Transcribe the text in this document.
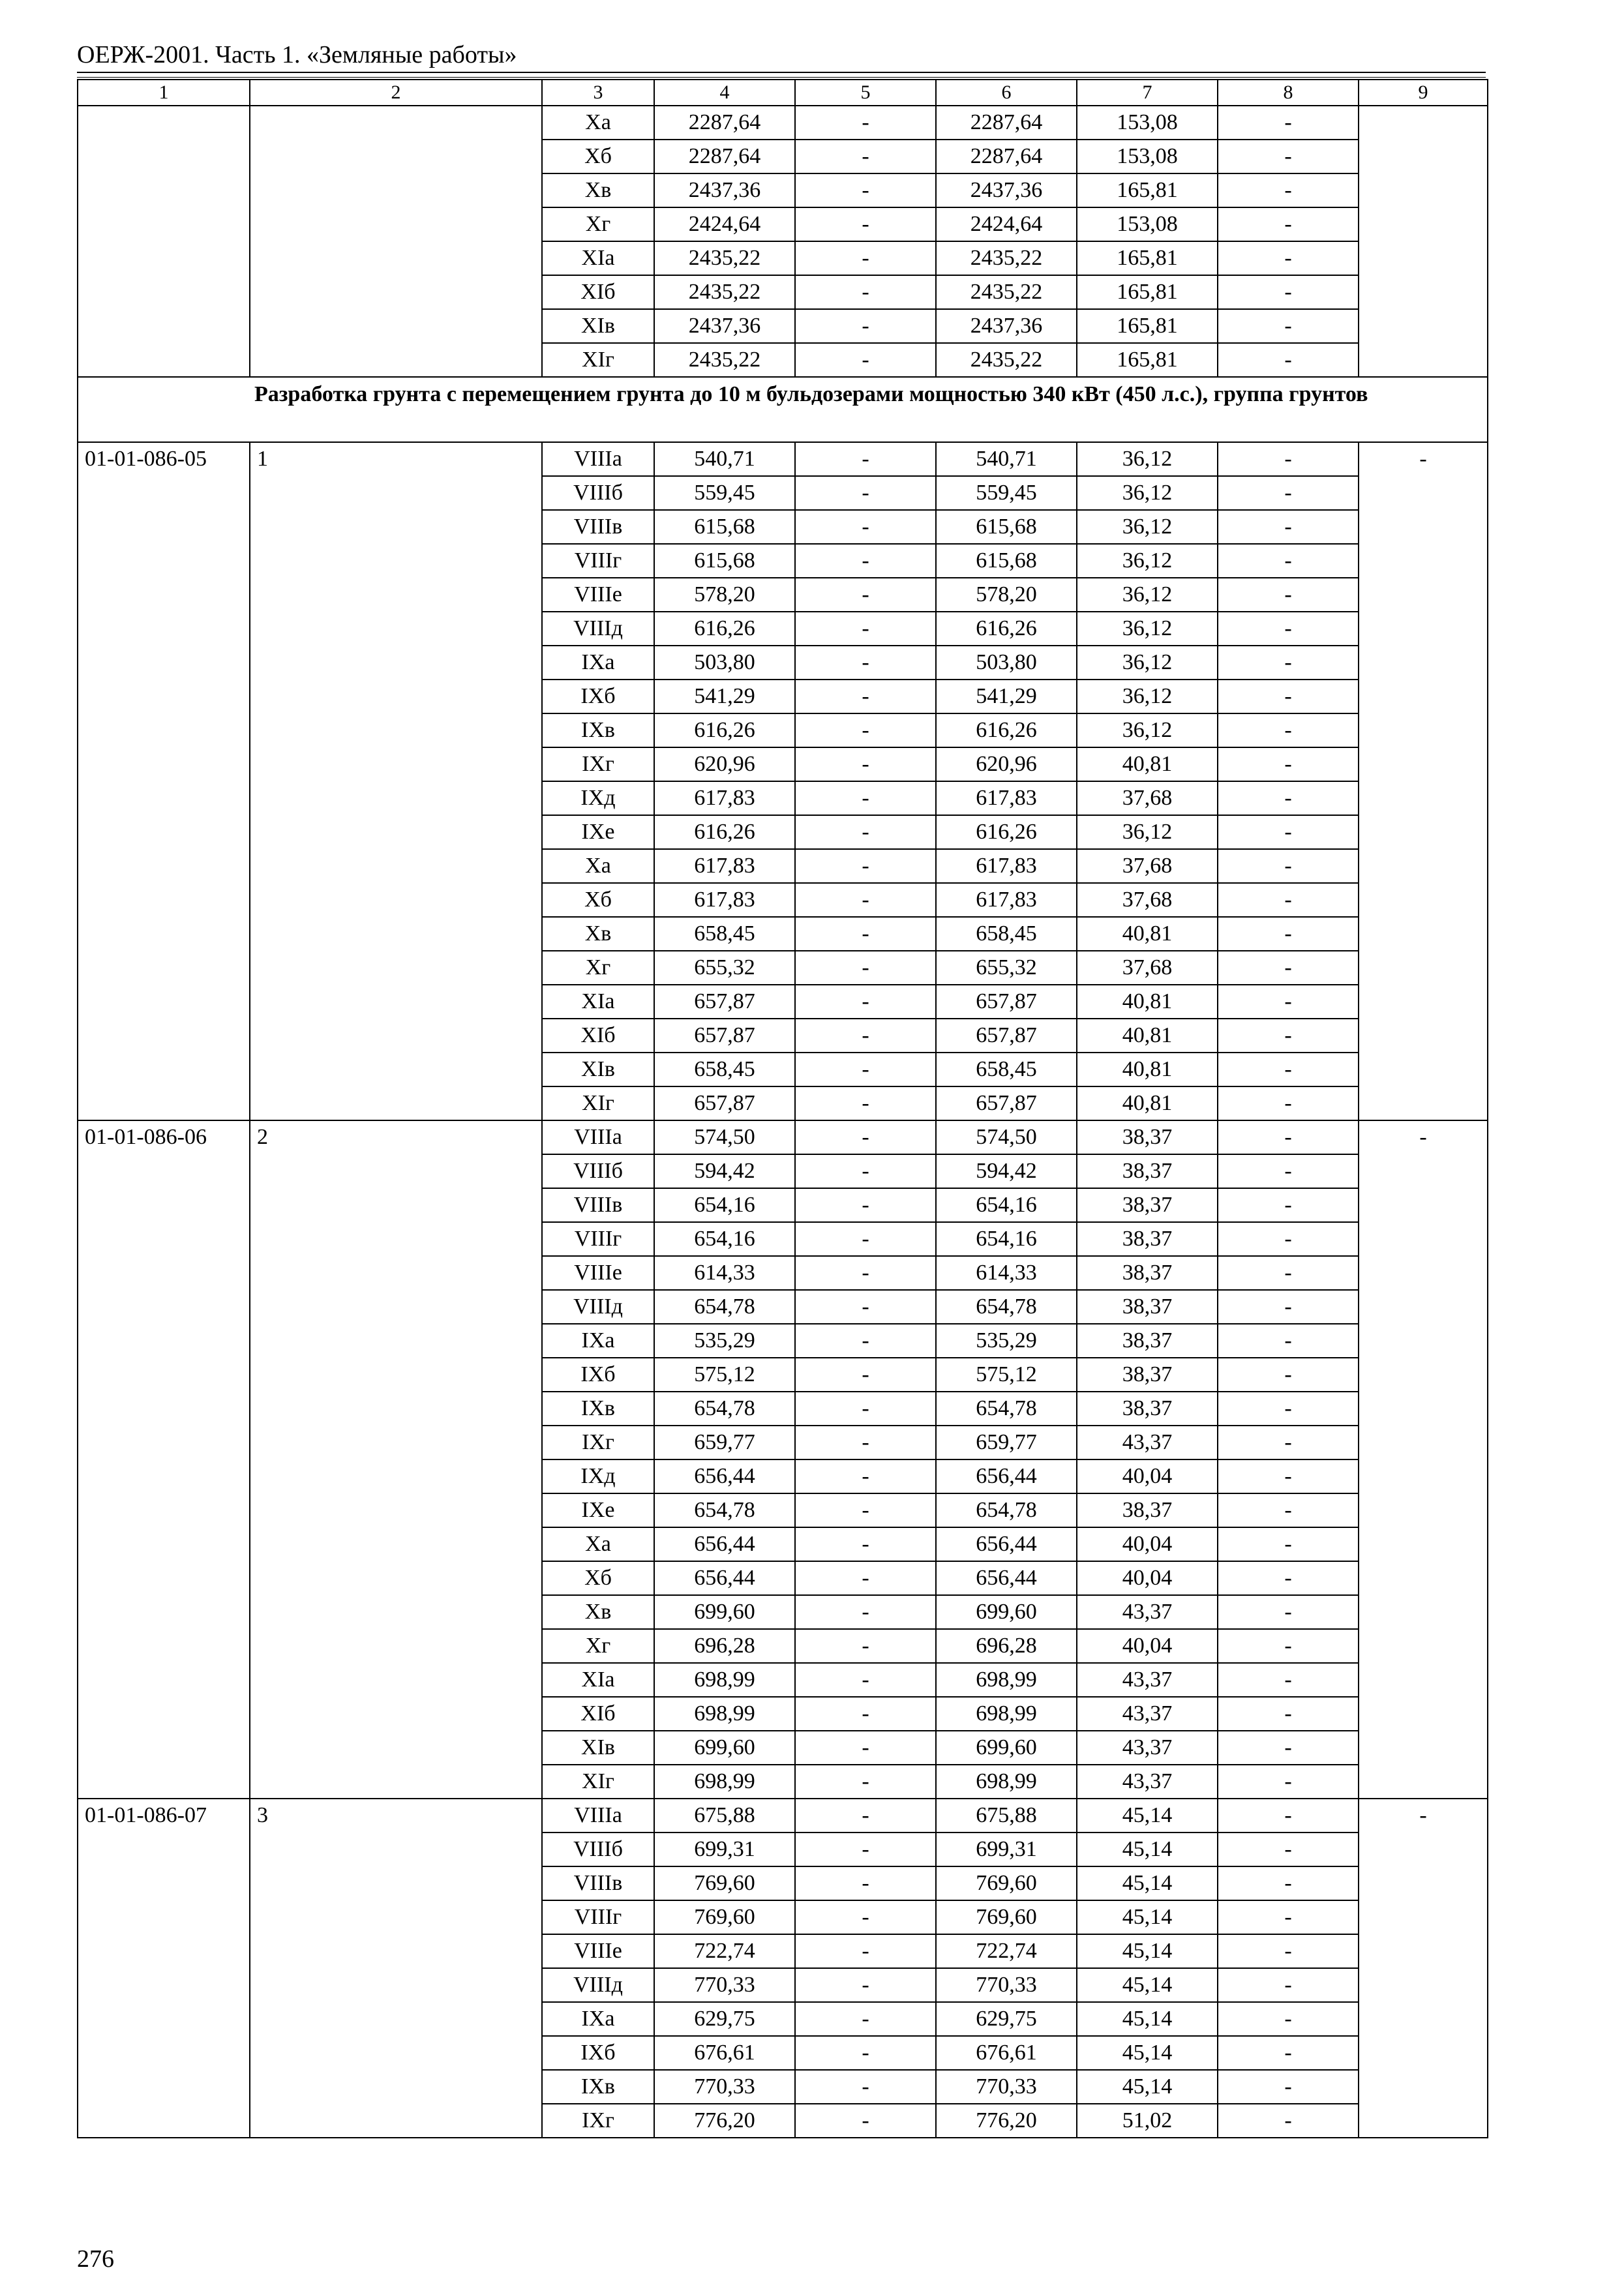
ОЕРЖ-2001. Часть 1. «Земляные работы»
1	2	3	4	5	6	7	8	9
		Xа	2287,64	-	2287,64	153,08	-	
		Xб	2287,64	-	2287,64	153,08	-	
		Xв	2437,36	-	2437,36	165,81	-	
		Xг	2424,64	-	2424,64	153,08	-	
		XIа	2435,22	-	2435,22	165,81	-	
		XIб	2435,22	-	2435,22	165,81	-	
		XIв	2437,36	-	2437,36	165,81	-	
		XIг	2435,22	-	2435,22	165,81	-	
Разработка грунта с перемещением грунта до 10 м бульдозерами мощностью 340 кВт (450 л.с.), группа грунтов								
01-01-086-05	1	VIIIа	540,71	-	540,71	36,12	-	-
		VIIIб	559,45	-	559,45	36,12	-	
		VIIIв	615,68	-	615,68	36,12	-	
		VIIIг	615,68	-	615,68	36,12	-	
		VIIIе	578,20	-	578,20	36,12	-	
		VIIIд	616,26	-	616,26	36,12	-	
		IXа	503,80	-	503,80	36,12	-	
		IXб	541,29	-	541,29	36,12	-	
		IXв	616,26	-	616,26	36,12	-	
		IXг	620,96	-	620,96	40,81	-	
		IXд	617,83	-	617,83	37,68	-	
		IXе	616,26	-	616,26	36,12	-	
		Xа	617,83	-	617,83	37,68	-	
		Xб	617,83	-	617,83	37,68	-	
		Xв	658,45	-	658,45	40,81	-	
		Xг	655,32	-	655,32	37,68	-	
		XIа	657,87	-	657,87	40,81	-	
		XIб	657,87	-	657,87	40,81	-	
		XIв	658,45	-	658,45	40,81	-	
		XIг	657,87	-	657,87	40,81	-	
01-01-086-06	2	VIIIа	574,50	-	574,50	38,37	-	-
		VIIIб	594,42	-	594,42	38,37	-	
		VIIIв	654,16	-	654,16	38,37	-	
		VIIIг	654,16	-	654,16	38,37	-	
		VIIIе	614,33	-	614,33	38,37	-	
		VIIIд	654,78	-	654,78	38,37	-	
		IXа	535,29	-	535,29	38,37	-	
		IXб	575,12	-	575,12	38,37	-	
		IXв	654,78	-	654,78	38,37	-	
		IXг	659,77	-	659,77	43,37	-	
		IXд	656,44	-	656,44	40,04	-	
		IXе	654,78	-	654,78	38,37	-	
		Xа	656,44	-	656,44	40,04	-	
		Xб	656,44	-	656,44	40,04	-	
		Xв	699,60	-	699,60	43,37	-	
		Xг	696,28	-	696,28	40,04	-	
		XIа	698,99	-	698,99	43,37	-	
		XIб	698,99	-	698,99	43,37	-	
		XIв	699,60	-	699,60	43,37	-	
		XIг	698,99	-	698,99	43,37	-	
01-01-086-07	3	VIIIа	675,88	-	675,88	45,14	-	-
		VIIIб	699,31	-	699,31	45,14	-	
		VIIIв	769,60	-	769,60	45,14	-	
		VIIIг	769,60	-	769,60	45,14	-	
		VIIIе	722,74	-	722,74	45,14	-	
		VIIIд	770,33	-	770,33	45,14	-	
		IXа	629,75	-	629,75	45,14	-	
		IXб	676,61	-	676,61	45,14	-	
		IXв	770,33	-	770,33	45,14	-	
		IXг	776,20	-	776,20	51,02	-	
276
